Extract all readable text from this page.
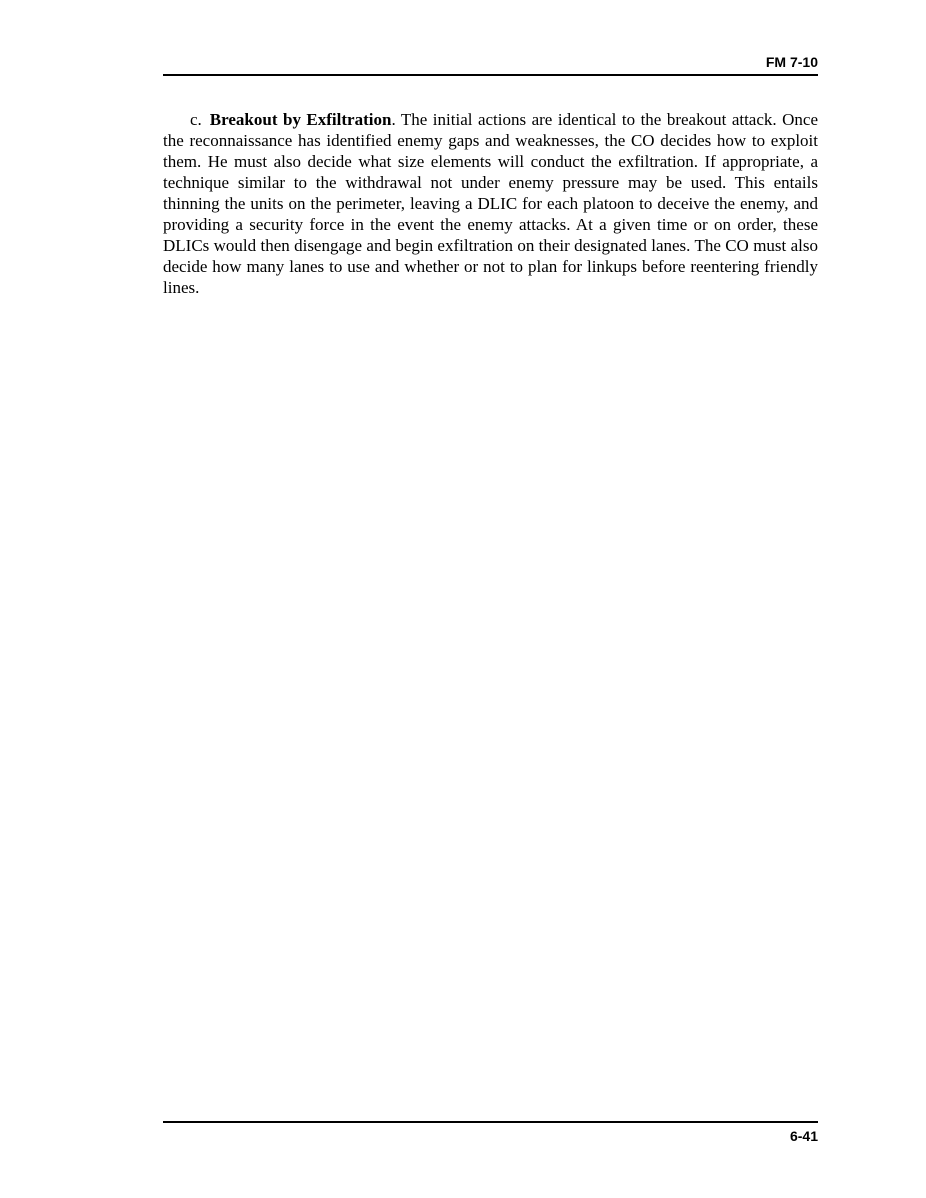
FM 7-10

c. Breakout by Exfiltration. The initial actions are identical to the breakout attack. Once the reconnaissance has identified enemy gaps and weaknesses, the CO decides how to exploit them. He must also decide what size elements will conduct the exfiltration. If appropriate, a technique similar to the withdrawal not under enemy pressure may be used. This entails thinning the units on the perimeter, leaving a DLIC for each platoon to deceive the enemy, and providing a security force in the event the enemy attacks. At a given time or on order, these DLICs would then disengage and begin exfiltration on their designated lanes. The CO must also decide how many lanes to use and whether or not to plan for linkups before reentering friendly lines.

6-41
